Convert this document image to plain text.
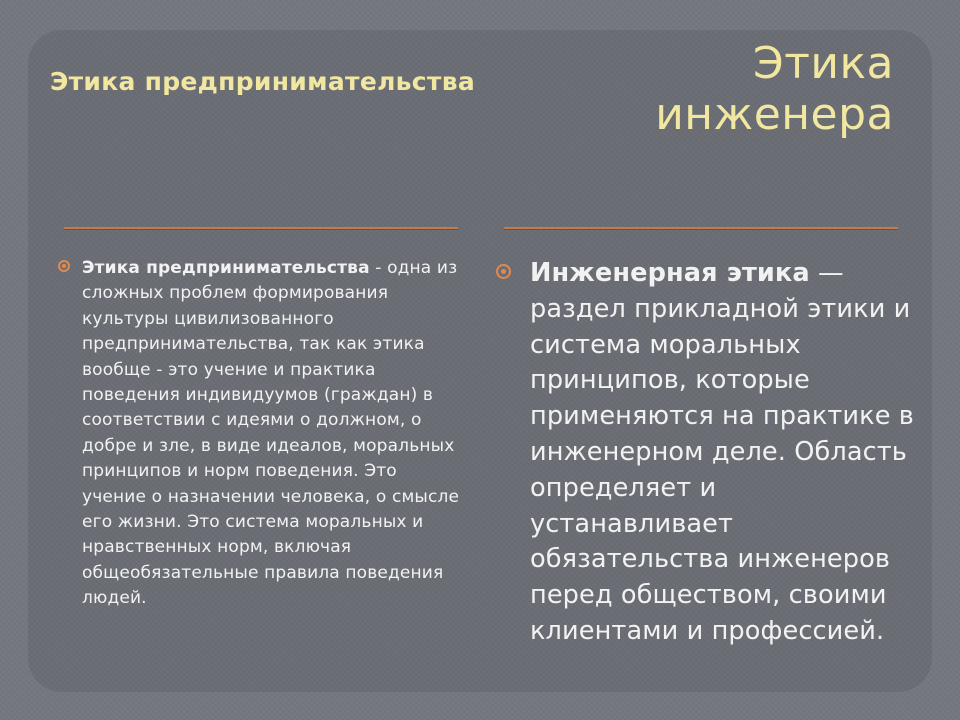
Этика предпринимательства	Этика инженера
Этика предпринимательства - одна из сложных проблем формирования культуры цивилизованного предпринимательства, так как этика вообще - это учение и практика поведения индивидуумов (граждан) в соответствии с идеями о должном, о добре и зле, в виде идеалов, моральных принципов и норм поведения. Это учение о назначении человека, о смысле его жизни. Это система моральных и нравственных норм, включая общеобязательные правила поведения людей.
Инженерная этика — раздел прикладной этики и система моральных принципов, которые применяются на практике в инженерном деле. Область определяет и устанавливает обязательства инженеров перед обществом, своими клиентами и профессией.
